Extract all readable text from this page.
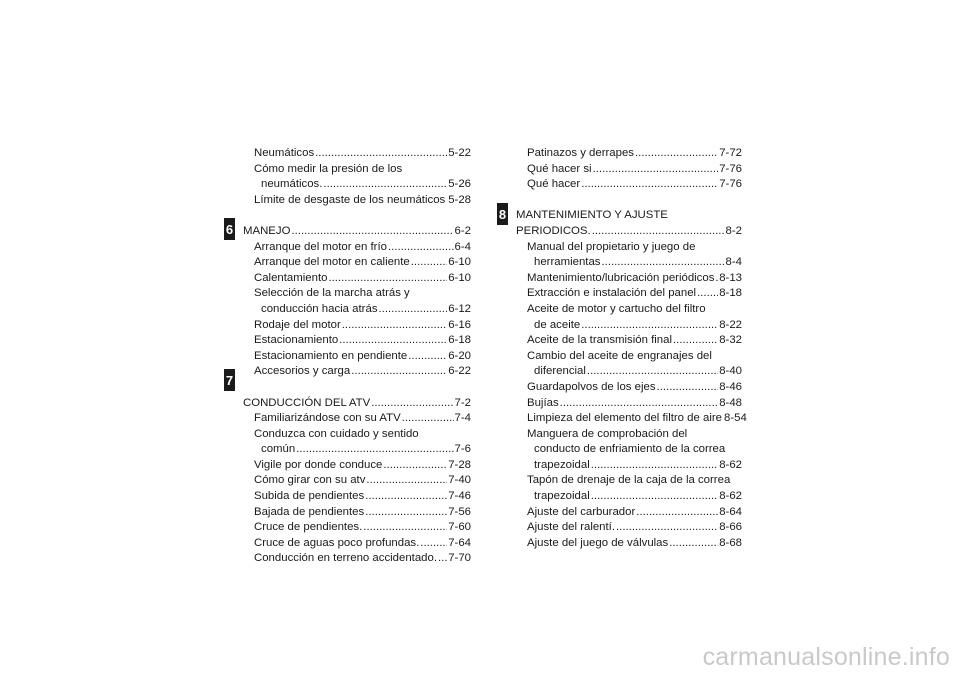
Neumáticos .....	5-22
Cómo medir la presión de los
neumáticos. .....	5-26
Límite de desgaste de los neumáticos ..... 5-28
MANEJO .....	6-2
Arranque del motor en frío .....	6-4
Arranque del motor en caliente .....	6-10
Calentamiento .....	6-10
Selección de la marcha atrás y
conducción hacia atrás .....	6-12
Rodaje del motor .....	6-16
Estacionamiento .....	6-18
Estacionamiento en pendiente .....	6-20
Accesorios y carga .....	6-22
CONDUCCIÓN DEL ATV .....	7-2
Familiarizándose con su ATV .....	7-4
Conduzca con cuidado y sentido
común .....	7-6
Vigile por donde conduce .....	7-28
Cómo girar con su atv .....	7-40
Subida de pendientes .....	7-46
Bajada de pendientes .....	7-56
Cruce de pendientes. .....	7-60
Cruce de aguas poco profundas. .....	7-64
Conducción en terreno accidentado. ..... 7-70
Patinazos y derrapes .....	7-72
Qué hacer si .....	7-76
Qué hacer .....	7-76
MANTENIMIENTO Y AJUSTE
PERIODICOS. .....	8-2
Manual del propietario y juego de
herramientas .....	8-4
Mantenimiento/lubricación periódicos ..... 8-13
Extracción e instalación del panel ..... 8-18
Aceite de motor y cartucho del filtro
de aceite .....	8-22
Aceite de la transmisión final .....	8-32
Cambio del aceite de engranajes del
diferencial .....	8-40
Guardapolvos de los ejes .....	8-46
Bujías .....	8-48
Limpieza del elemento del filtro de aire 8-54
Manguera de comprobación del
conducto de enfriamiento de la correa
trapezoidal .....	8-62
Tapón de drenaje de la caja de la correa
trapezoidal .....	8-62
Ajuste del carburador .....	8-64
Ajuste del ralentí. .....	8-66
Ajuste del juego de válvulas .....	8-68
6
7
8
carmanualsonline.info
